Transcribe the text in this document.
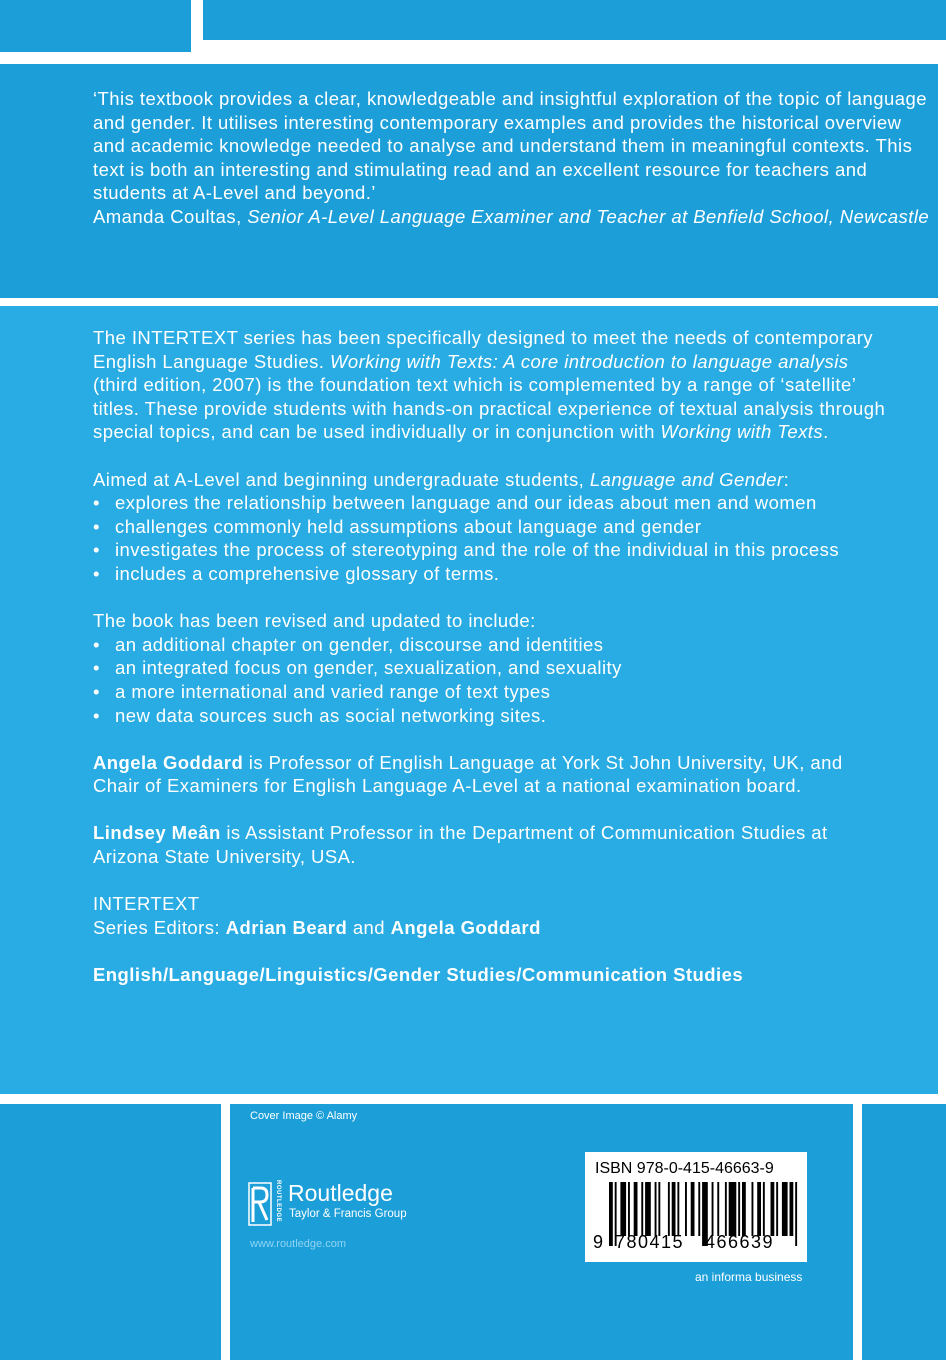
‘This textbook provides a clear, knowledgeable and insightful exploration of the topic of language and gender. It utilises interesting contemporary examples and provides the historical overview and academic knowledge needed to analyse and understand them in meaningful contexts. This text is both an interesting and stimulating read and an excellent resource for teachers and students at A-Level and beyond.’
Amanda Coultas, Senior A-Level Language Examiner and Teacher at Benfield School, Newcastle

The INTERTEXT series has been specifically designed to meet the needs of contemporary English Language Studies. Working with Texts: A core introduction to language analysis (third edition, 2007) is the foundation text which is complemented by a range of ‘satellite’ titles. These provide students with hands-on practical experience of textual analysis through special topics, and can be used individually or in conjunction with Working with Texts.

Aimed at A-Level and beginning undergraduate students, Language and Gender:
• explores the relationship between language and our ideas about men and women
• challenges commonly held assumptions about language and gender
• investigates the process of stereotyping and the role of the individual in this process
• includes a comprehensive glossary of terms.
The book has been revised and updated to include:
• an additional chapter on gender, discourse and identities
• an integrated focus on gender, sexualization, and sexuality
• a more international and varied range of text types
• new data sources such as social networking sites.

Angela Goddard is Professor of English Language at York St John University, UK, and Chair of Examiners for English Language A-Level at a national examination board.

Lindsey Meân is Assistant Professor in the Department of Communication Studies at Arizona State University, USA.

INTERTEXT
Series Editors: Adrian Beard and Angela Goddard

English/Language/Linguistics/Gender Studies/Communication Studies

Cover Image © Alamy
ROUTLEDGE Routledge
Taylor & Francis Group
www.routledge.com
ISBN 978-0-415-46663-9
9 780415 466639
an informa business
